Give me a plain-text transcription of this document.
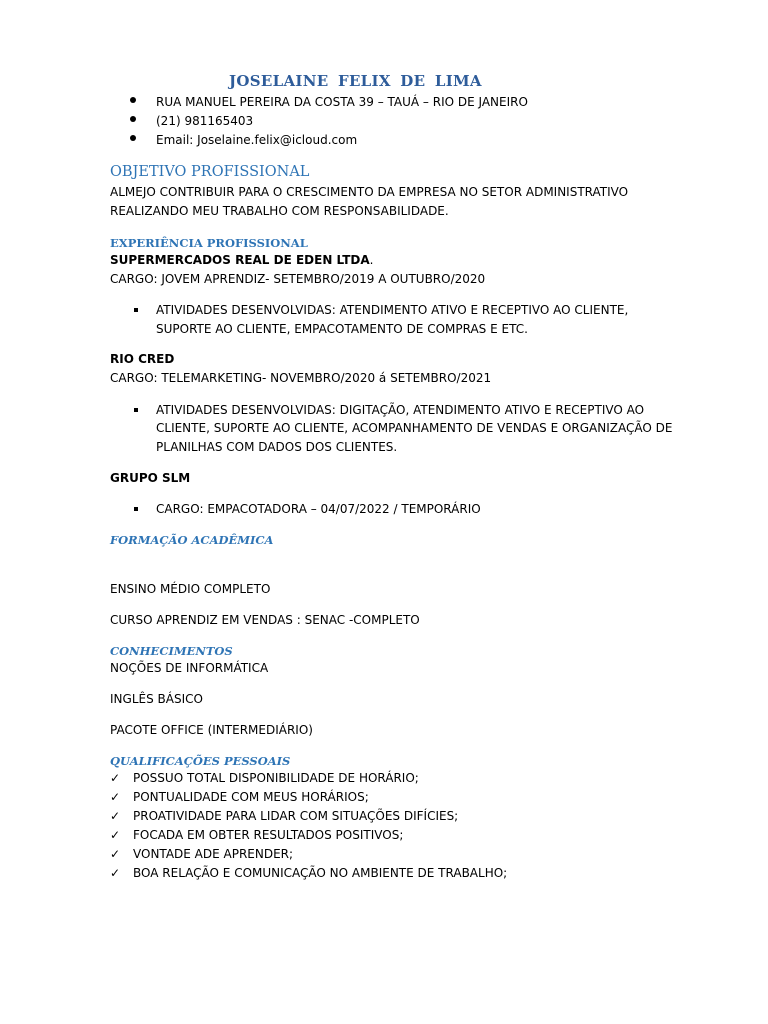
JOSELAINE FELIX DE LIMA
RUA MANUEL PEREIRA DA COSTA 39 – TAUÁ – RIO DE JANEIRO
(21) 981165403
Email: Joselaine.felix@icloud.com
OBJETIVO PROFISSIONAL
ALMEJO CONTRIBUIR PARA O CRESCIMENTO DA EMPRESA NO SETOR ADMINISTRATIVO
REALIZANDO MEU TRABALHO COM RESPONSABILIDADE.
EXPERIÊNCIA PROFISSIONAL
SUPERMERCADOS REAL DE EDEN LTDA.
CARGO: JOVEM APRENDIZ- SETEMBRO/2019 A OUTUBRO/2020
ATIVIDADES DESENVOLVIDAS: ATENDIMENTO ATIVO E RECEPTIVO AO CLIENTE,
SUPORTE AO CLIENTE, EMPACOTAMENTO DE COMPRAS E ETC.
RIO CRED
CARGO: TELEMARKETING- NOVEMBRO/2020 á SETEMBRO/2021
ATIVIDADES DESENVOLVIDAS: DIGITAÇÃO, ATENDIMENTO ATIVO E RECEPTIVO AO
CLIENTE, SUPORTE AO CLIENTE, ACOMPANHAMENTO DE VENDAS E ORGANIZAÇÃO DE
PLANILHAS COM DADOS DOS CLIENTES.
GRUPO SLM
CARGO: EMPACOTADORA – 04/07/2022 / TEMPORÁRIO
FORMAÇÃO ACADÊMICA
ENSINO MÉDIO COMPLETO
CURSO APRENDIZ EM VENDAS : SENAC -COMPLETO
CONHECIMENTOS
NOÇÕES DE INFORMÁTICA
INGLÊS BÁSICO
PACOTE OFFICE (INTERMEDIÁRIO)
QUALIFICAÇÕES PESSOAIS
✓ POSSUO TOTAL DISPONIBILIDADE DE HORÁRIO;
✓ PONTUALIDADE COM MEUS HORÁRIOS;
✓ PROATIVIDADE PARA LIDAR COM SITUAÇÕES DIFÍCIES;
✓ FOCADA EM OBTER RESULTADOS POSITIVOS;
✓ VONTADE ADE APRENDER;
✓ BOA RELAÇÃO E COMUNICAÇÃO NO AMBIENTE DE TRABALHO;
